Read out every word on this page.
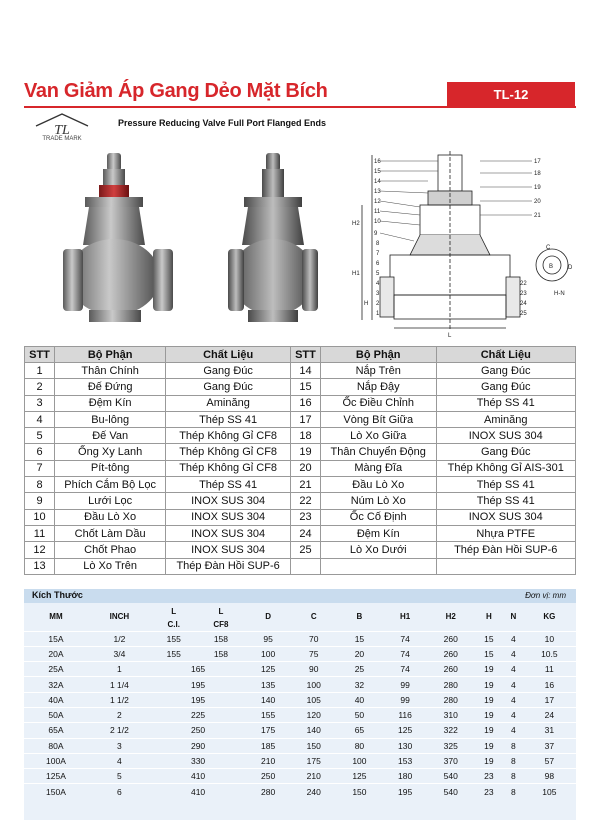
Van Giảm Áp Gang Dẻo Mặt Bích	TL-12
TL
TRADE MARK
Pressure Reducing Valve Full Port Flanged Ends
16
15
14
13
12
11
10
9
8
7
6
5
4
3
2
1
17
18
19
20
21
22
23
24
25
H2
H1
H
L
H-N
D
C
B
STT	Bộ Phận	Chất Liệu	STT	Bộ Phận	Chất Liệu
1	Thân Chính	Gang Đúc	14	Nắp Trên	Gang Đúc
2	Đế Đứng	Gang Đúc	15	Nắp Đậy	Gang Đúc
3	Đệm Kín	Aminăng	16	Ốc Điều Chỉnh	Thép SS 41
4	Bu-lông	Thép SS 41	17	Vòng Bít Giữa	Aminăng
5	Đế Van	Thép Không Gỉ CF8	18	Lò Xo Giữa	INOX SUS 304
6	Ống Xy Lanh	Thép Không Gỉ CF8	19	Thân Chuyển Động	Gang Đúc
7	Pít-tông	Thép Không Gỉ CF8	20	Màng Đĩa	Thép Không Gỉ AIS-301
8	Phích Cắm Bộ Lọc	Thép SS 41	21	Đầu Lò Xo	Thép SS 41
9	Lưới Lọc	INOX SUS 304	22	Núm Lò Xo	Thép SS 41
10	Đầu Lò Xo	INOX SUS 304	23	Ốc Cố Định	INOX SUS 304
11	Chốt Làm Dầu	INOX SUS 304	24	Đệm Kín	Nhựa PTFE
12	Chốt Phao	INOX SUS 304	25	Lò Xo Dưới	Thép Đàn Hồi SUP-6
13	Lò Xo Trên	Thép Đàn Hồi SUP-6			
Kích Thước	Đơn vị: mm
MM	INCH	L	L	D	C	B	H1	H2	H	N	KG
		C.I.	CF8								
15A	1/2	155	158	95	70	15	74	260	15	4	10
20A	3/4	155	158	100	75	20	74	260	15	4	10.5
25A	1	165		125	90	25	74	260	19	4	11
32A	1 1/4	195		135	100	32	99	280	19	4	16
40A	1 1/2	195		140	105	40	99	280	19	4	17
50A	2	225		155	120	50	116	310	19	4	24
65A	2 1/2	250		175	140	65	125	322	19	4	31
80A	3	290		185	150	80	130	325	19	8	37
100A	4	330		210	175	100	153	370	19	8	57
125A	5	410		250	210	125	180	540	23	8	98
150A	6	410		280	240	150	195	540	23	8	105
